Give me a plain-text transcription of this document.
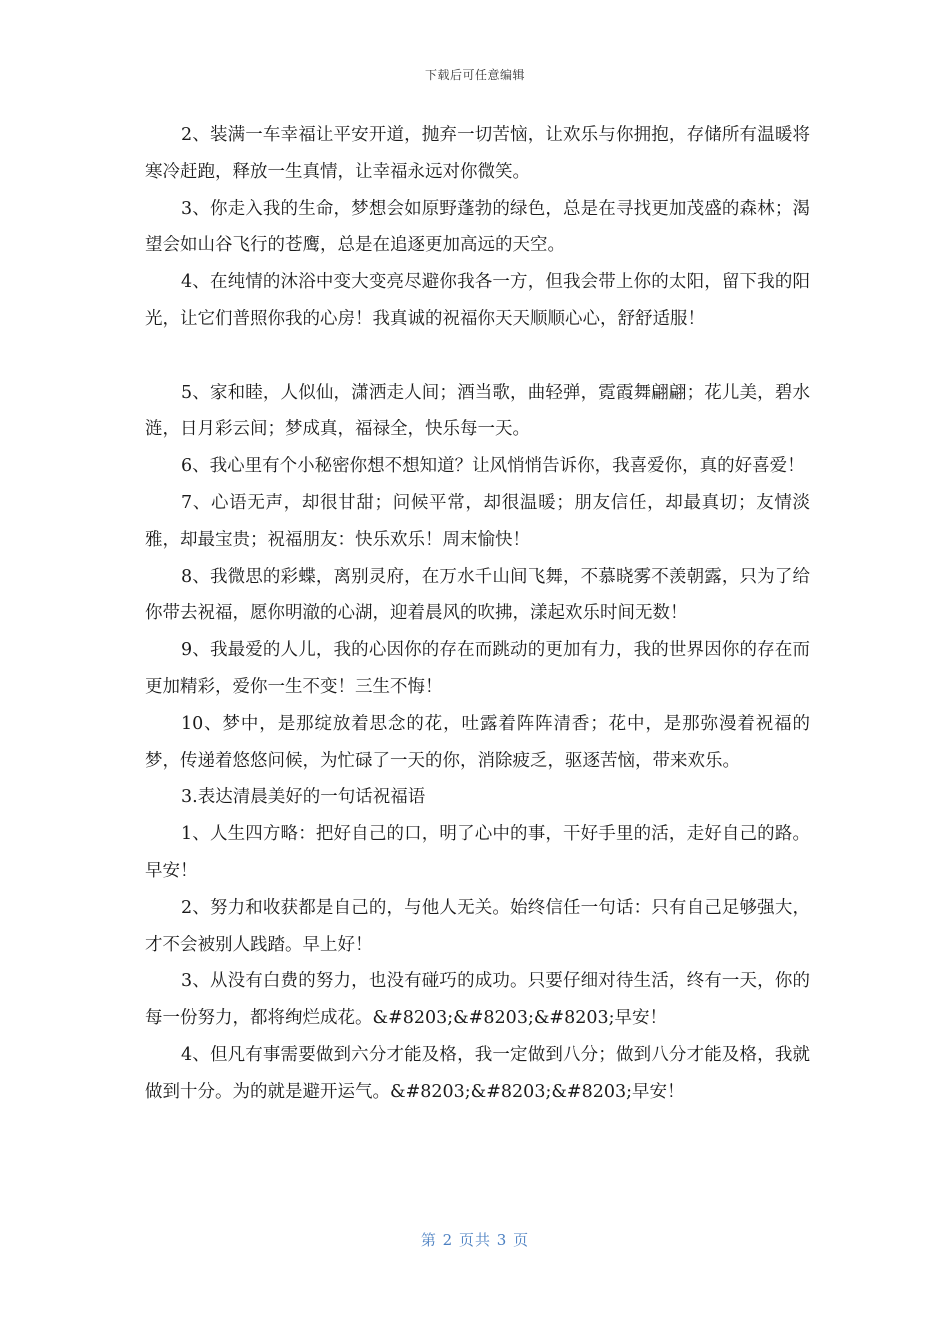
下载后可任意编辑

2、装满一车幸福让平安开道，抛弃一切苦恼，让欢乐与你拥抱，存储所有温暖将寒冷赶跑，释放一生真情，让幸福永远对你微笑。

3、你走入我的生命，梦想会如原野蓬勃的绿色，总是在寻找更加茂盛的森林；渴望会如山谷飞行的苍鹰，总是在追逐更加高远的天空。

4、在纯情的沐浴中变大变亮尽避你我各一方，但我会带上你的太阳，留下我的阳光，让它们普照你我的心房！我真诚的祝福你天天顺顺心心，舒舒适服！

5、家和睦，人似仙，潇洒走人间；酒当歌，曲轻弹，霓霞舞翩翩；花儿美，碧水涟，日月彩云间；梦成真，福禄全，快乐每一天。

6、我心里有个小秘密你想不想知道？让风悄悄告诉你，我喜爱你，真的好喜爱！

7、心语无声，却很甘甜；问候平常，却很温暖；朋友信任，却最真切；友情淡雅，却最宝贵；祝福朋友：快乐欢乐！周末愉快！

8、我微思的彩蝶，离别灵府，在万水千山间飞舞，不慕晓雾不羡朝露，只为了给你带去祝福，愿你明澈的心湖，迎着晨风的吹拂，漾起欢乐时间无数！

9、我最爱的人儿，我的心因你的存在而跳动的更加有力，我的世界因你的存在而更加精彩，爱你一生不变！三生不悔！

10、梦中，是那绽放着思念的花，吐露着阵阵清香；花中，是那弥漫着祝福的梦，传递着悠悠问候，为忙碌了一天的你，消除疲乏，驱逐苦恼，带来欢乐。

3.表达清晨美好的一句话祝福语

1、人生四方略：把好自己的口，明了心中的事，干好手里的活，走好自己的路。早安！

2、努力和收获都是自己的，与他人无关。始终信任一句话：只有自己足够强大，才不会被别人践踏。早上好！

3、从没有白费的努力，也没有碰巧的成功。只要仔细对待生活，终有一天，你的每一份努力，都将绚烂成花。&#8203;&#8203;&#8203;早安！

4、但凡有事需要做到六分才能及格，我一定做到八分；做到八分才能及格，我就做到十分。为的就是避开运气。&#8203;&#8203;&#8203;早安！

第 2 页共 3 页
